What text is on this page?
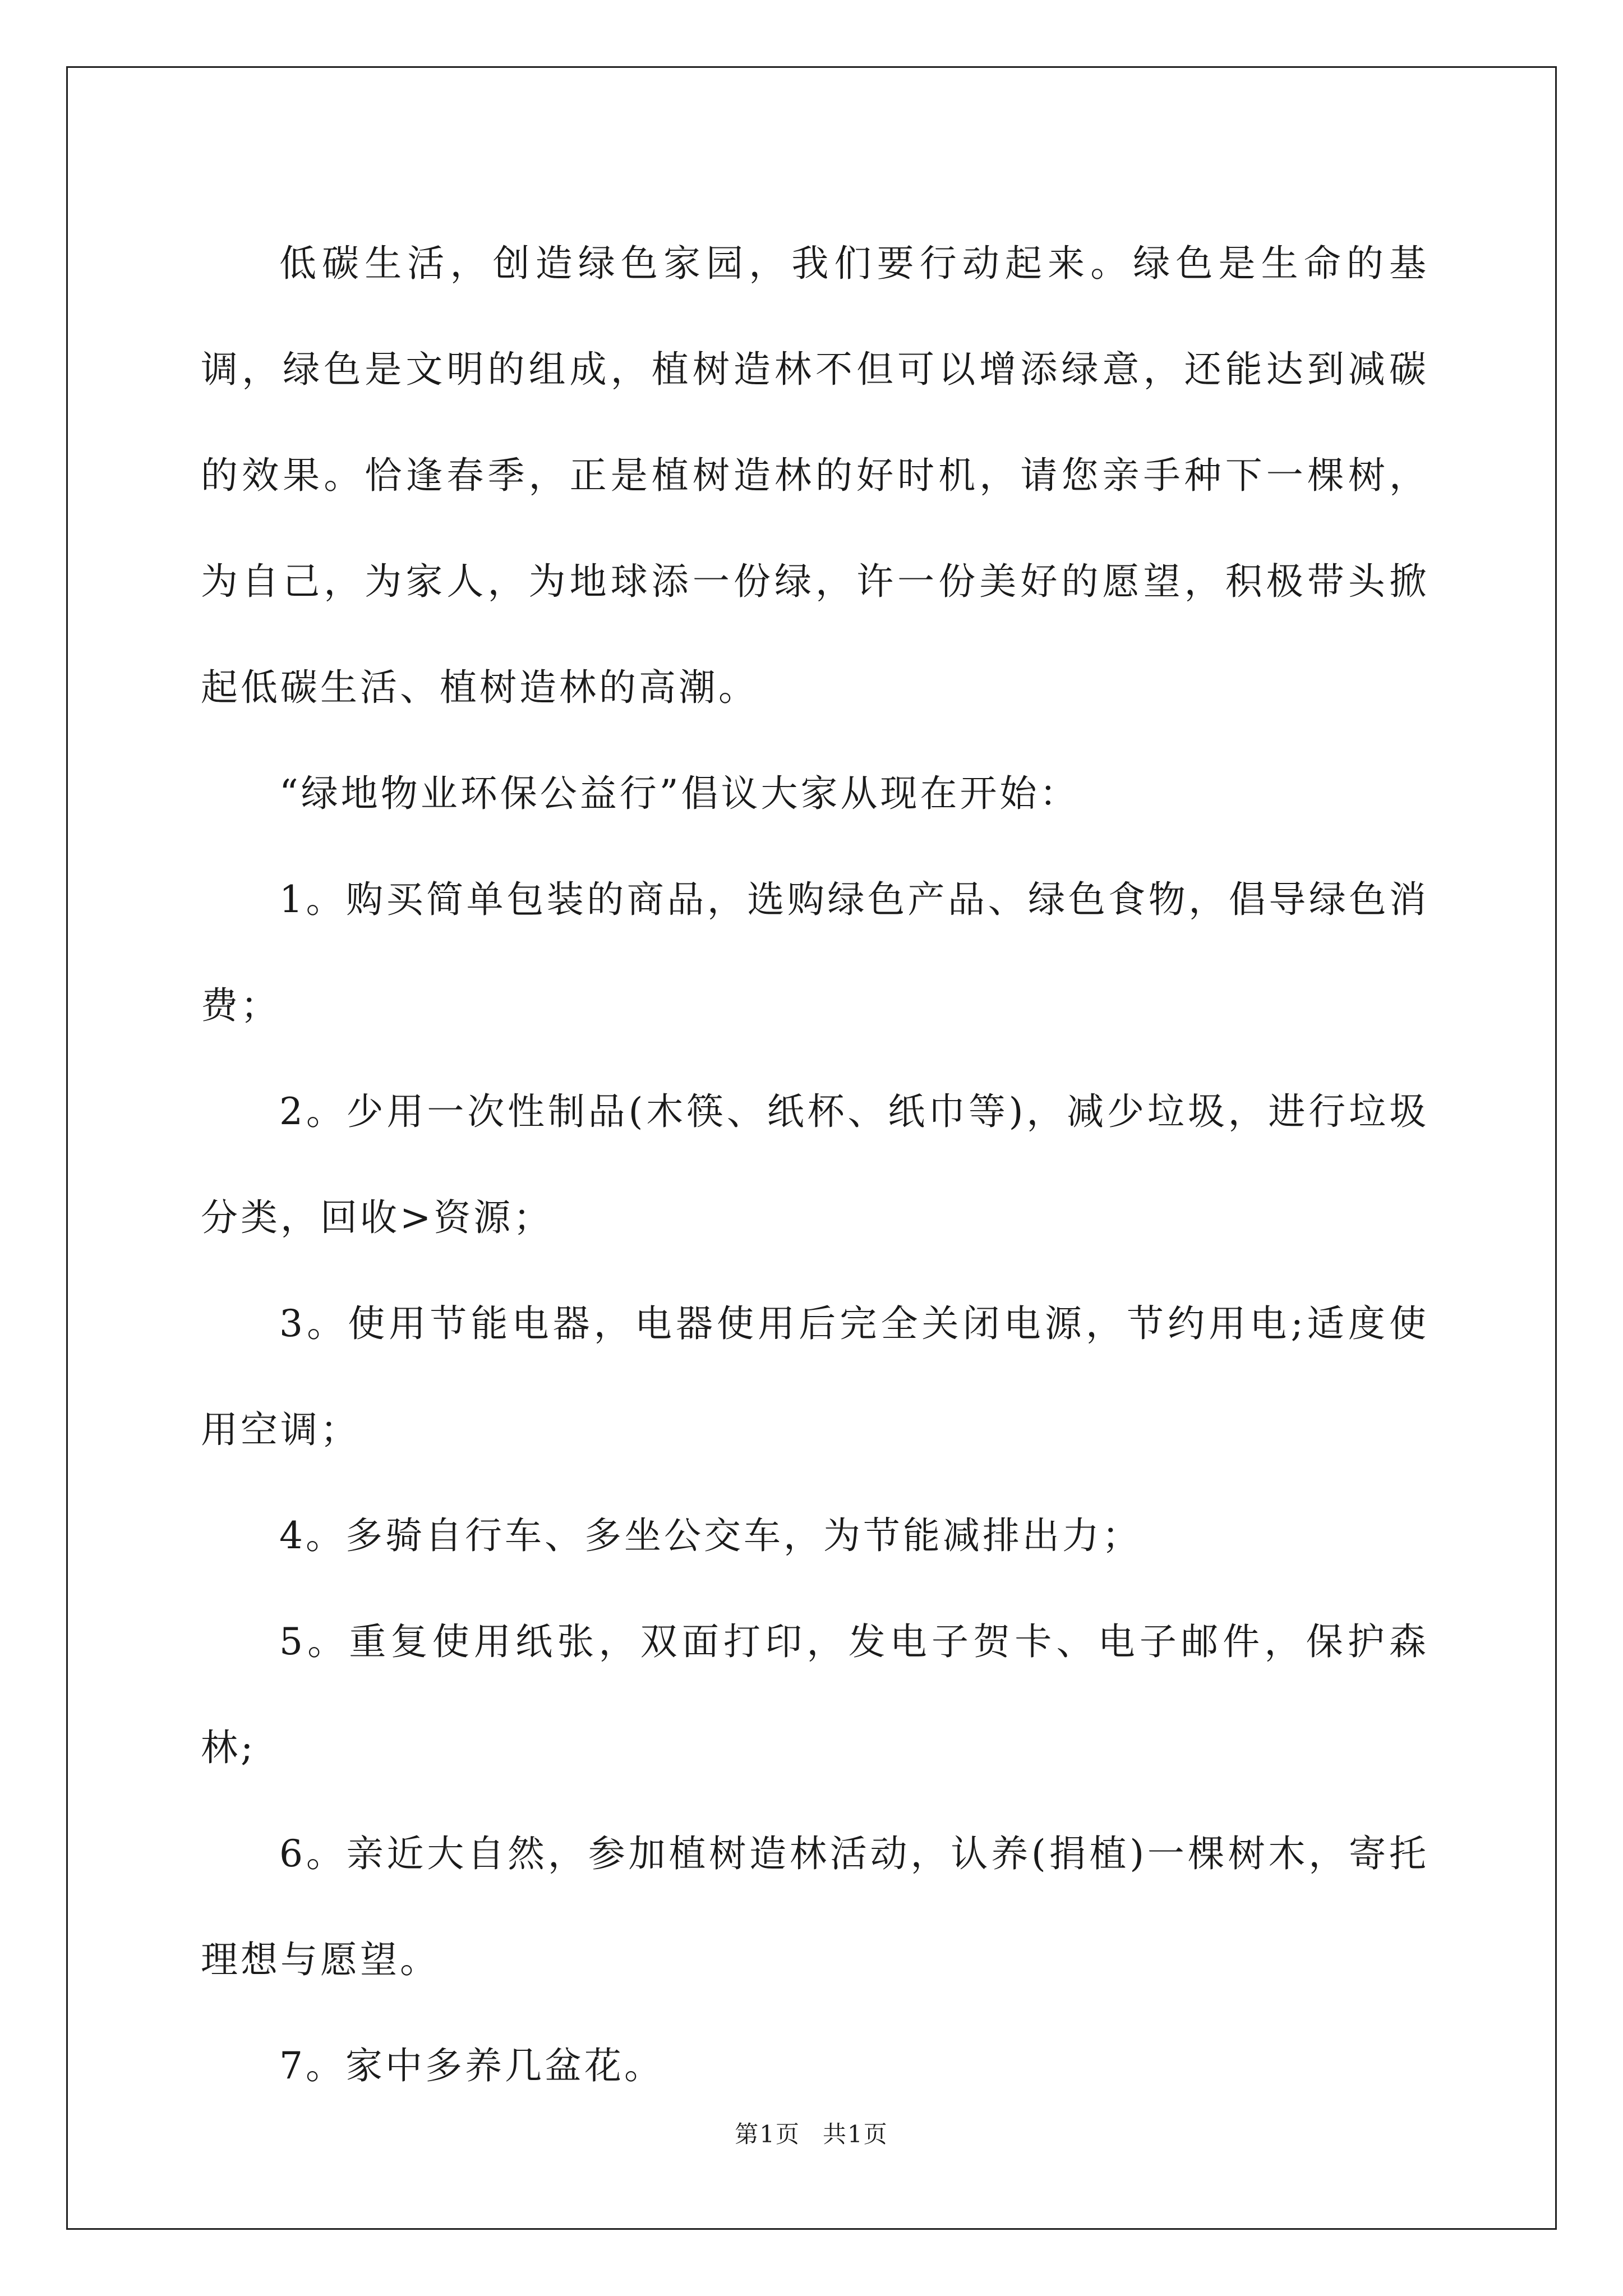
低碳生活，创造绿色家园，我们要行动起来。绿色是生命的基调，绿色是文明的组成，植树造林不但可以增添绿意，还能达到减碳的效果。恰逢春季，正是植树造林的好时机，请您亲手种下一棵树，为自己，为家人，为地球添一份绿，许一份美好的愿望，积极带头掀起低碳生活、植树造林的高潮。

“绿地物业环保公益行”倡议大家从现在开始：

1。购买简单包装的商品，选购绿色产品、绿色食物，倡导绿色消费；

2。少用一次性制品(木筷、纸杯、纸巾等)，减少垃圾，进行垃圾分类，回收>资源；

3。使用节能电器，电器使用后完全关闭电源，节约用电;适度使用空调；

4。多骑自行车、多坐公交车，为节能减排出力；

5。重复使用纸张，双面打印，发电子贺卡、电子邮件，保护森林;

6。亲近大自然，参加植树造林活动，认养(捐植)一棵树木，寄托理想与愿望。

7。家中多养几盆花。

第1页 共1页
